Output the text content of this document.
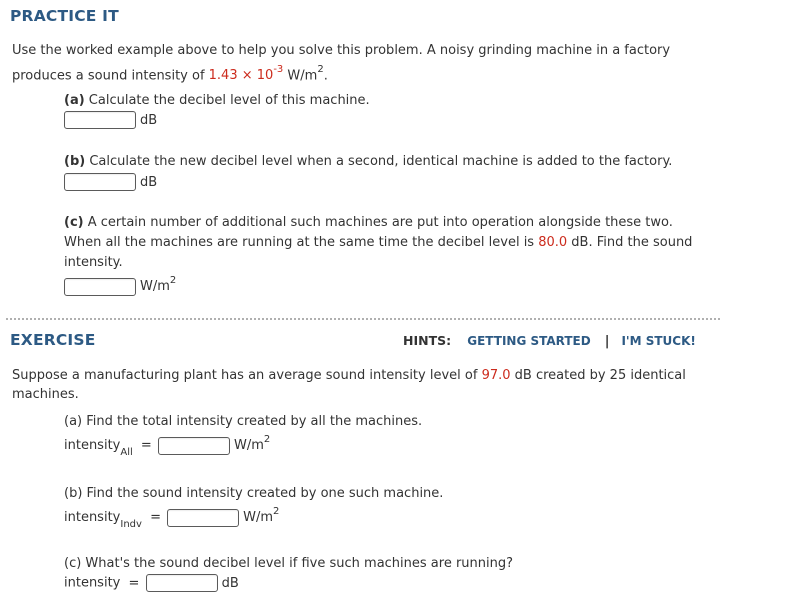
PRACTICE IT
Use the worked example above to help you solve this problem. A noisy grinding machine in a factory
produces a sound intensity of $1.43 \times 10^{-3}$ $W/m^2$.
(a) Calculate the decibel level of this machine.
dB
(b) Calculate the new decibel level when a second, identical machine is added to the factory.
dB
(c) A certain number of additional such machines are put into operation alongside these two.
When all the machines are running at the same time the decibel level is 80.0 dB. Find the sound
intensity.
$W/m^2$
EXERCISE	HINTS: GETTING STARTED | I'M STUCK!
Suppose a manufacturing plant has an average sound intensity level of 97.0 dB created by 25 identical
machines.
(a) Find the total intensity created by all the machines.
intensity$_{All}$ =	$W/m^2$
(b) Find the sound intensity created by one such machine.
intensity$_{Indv}$ =	$W/m^2$
(c) What's the sound decibel level if five such machines are running?
intensity =	dB
